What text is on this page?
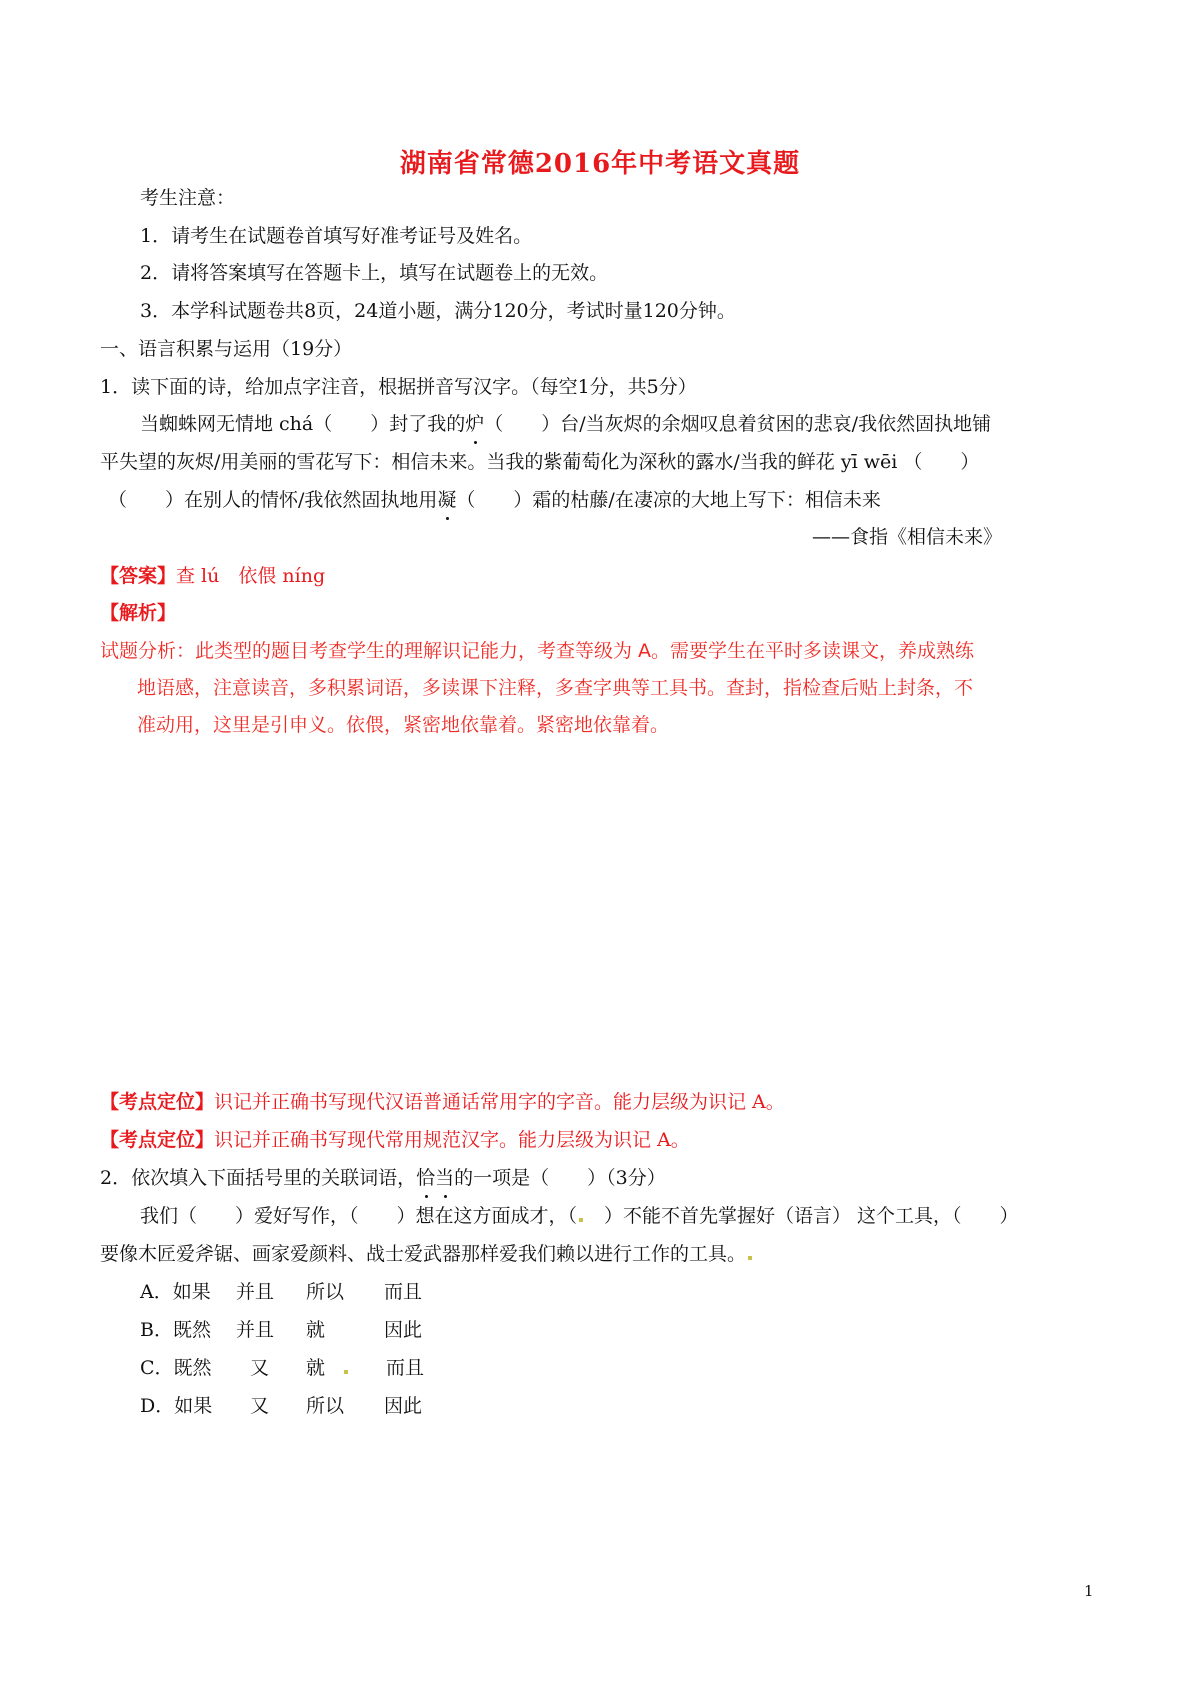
湖南省常德2016年中考语文真题
考生注意：
1．请考生在试题卷首填写好准考证号及姓名。
2．请将答案填写在答题卡上，填写在试题卷上的无效。
3．本学科试题卷共8页，24道小题，满分120分，考试时量120分钟。
一、语言积累与运用（19分）
1．读下面的诗，给加点字注音，根据拼音写汉字。（每空1分，共5分）
当蜘蛛网无情地 chá（　　）封了我的炉（　　）台/当灰烬的余烟叹息着贫困的悲哀/我依然固执地铺
平失望的灰烬/用美丽的雪花写下：相信未来。当我的紫葡萄化为深秋的露水/当我的鲜花 yī wēi （　　）
（　　）在别人的情怀/我依然固执地用凝（　　）霜的枯藤/在凄凉的大地上写下：相信未来
——食指《相信未来》
【答案】查 lú　依偎 níng
【解析】
试题分析：此类型的题目考查学生的理解识记能力，考查等级为 A。需要学生在平时多读课文，养成熟练
地语感，注意读音，多积累词语，多读课下注释，多查字典等工具书。查封，指检查后贴上封条，不
准动用，这里是引申义。依偎，紧密地依靠着。紧密地依靠着。
【考点定位】识记并正确书写现代汉语普通话常用字的字音。能力层级为识记 A。
【考点定位】识记并正确书写现代常用规范汉字。能力层级为识记 A。
2．依次填入下面括号里的关联词语，恰当的一项是（　　）（3分）
我们（　　）爱好写作，（　　）想在这方面成才，（　）不能不首先掌握好（语言） 这个工具，（　　）
要像木匠爱斧锯、画家爱颜料、战士爱武器那样爱我们赖以进行工作的工具。
A．如果 并且 所以 而且
B．既然 并且 就	因此
C．既然 又 就	而且
D．如果 又 所以 因此
1
